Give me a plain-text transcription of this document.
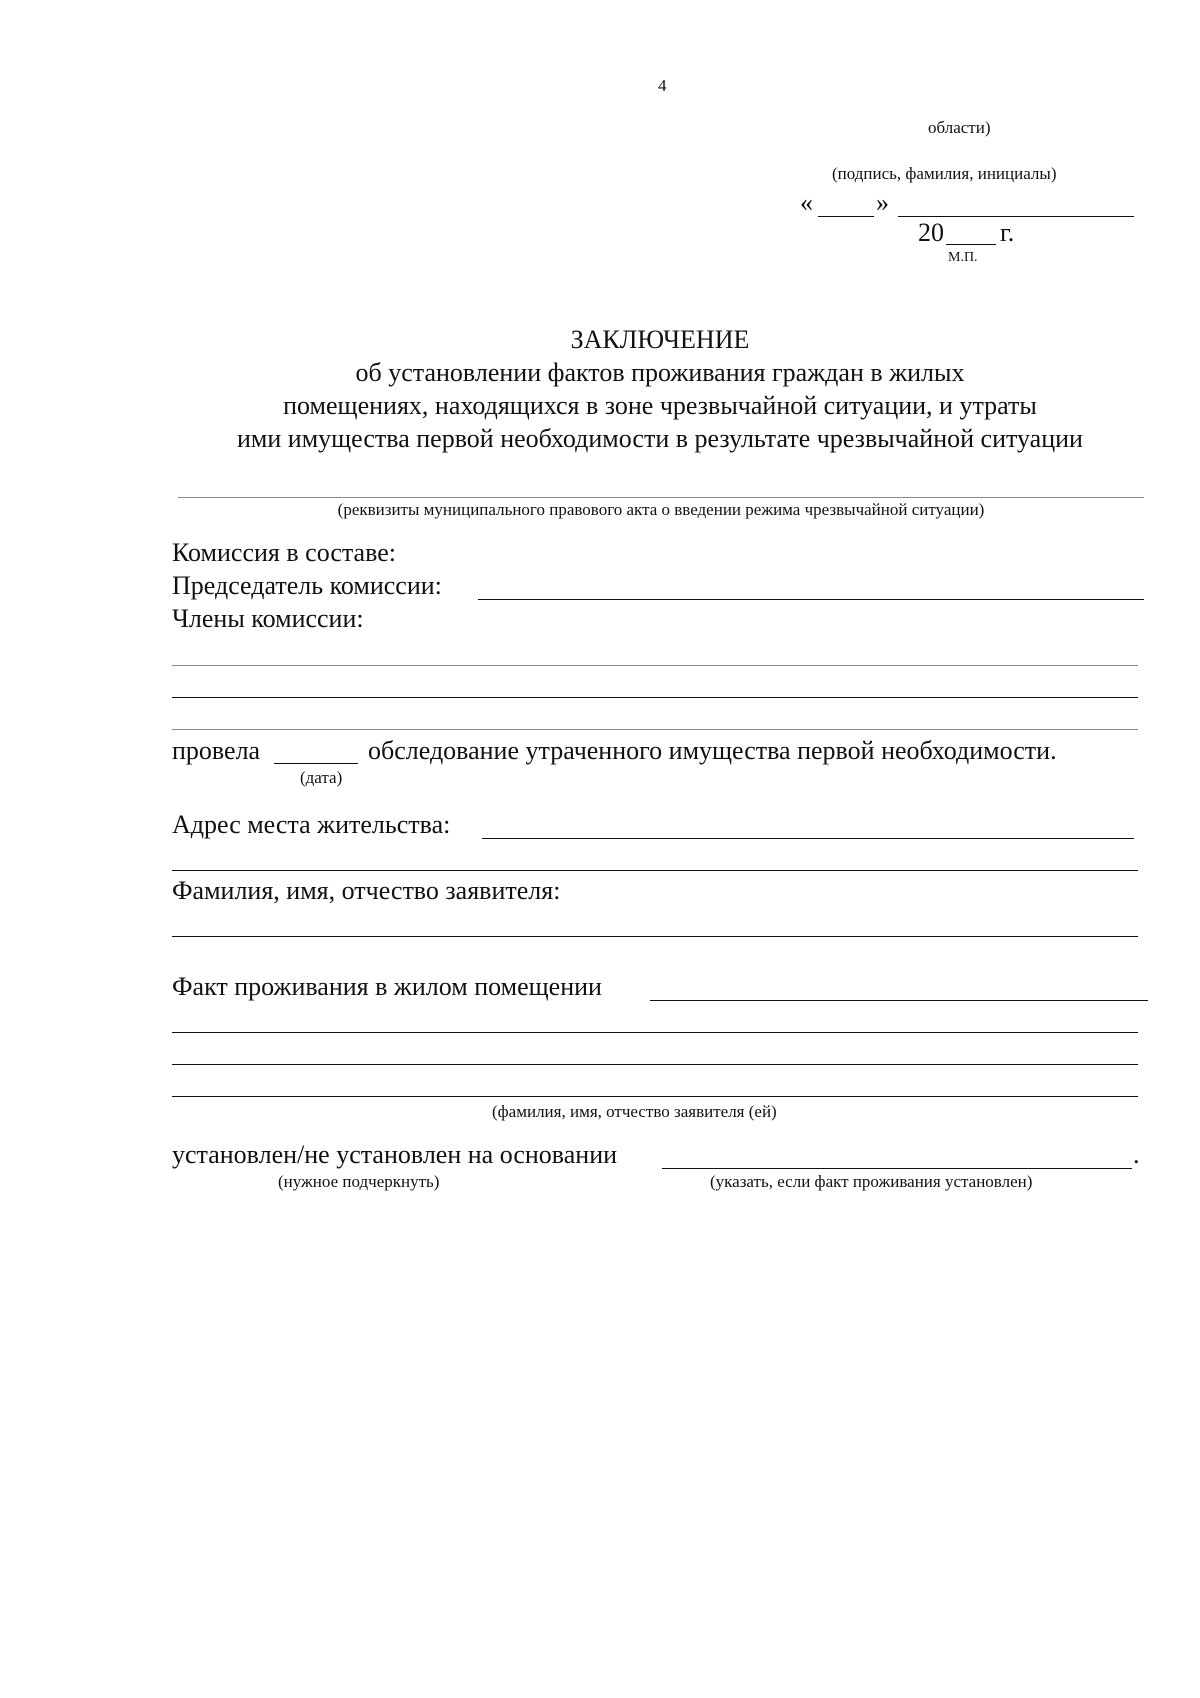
4
области)
(подпись, фамилия, инициалы)
« »
20 г.
М.П.
ЗАКЛЮЧЕНИЕ
об установлении фактов проживания граждан в жилых
помещениях, находящихся в зоне чрезвычайной ситуации, и утраты
ими имущества первой необходимости в результате чрезвычайной ситуации
(реквизиты муниципального правового акта о введении режима чрезвычайной ситуации)
Комиссия в составе:
Председатель комиссии:
Члены комиссии:
провела	обследование утраченного имущества первой необходимости.
(дата)
Адрес места жительства:
Фамилия, имя, отчество заявителя:
Факт проживания в жилом помещении
(фамилия, имя, отчество заявителя (ей)
установлен/не установлен на основании	.
(нужное подчеркнуть)	(указать, если факт проживания установлен)
